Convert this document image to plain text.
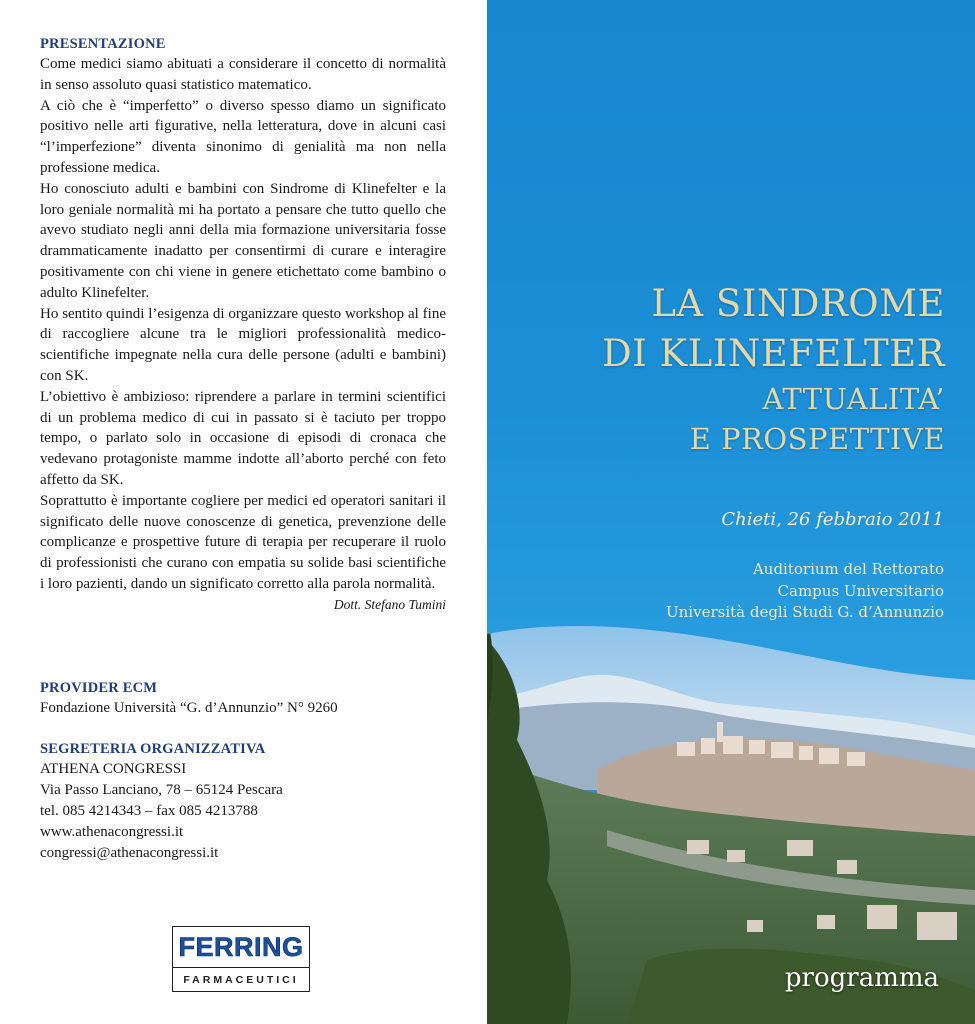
PRESENTAZIONE

Come medici siamo abituati a considerare il concetto di normalità in senso assoluto quasi statistico matematico.

A ciò che è “imperfetto” o diverso spesso diamo un significato positivo nelle arti figurative, nella letteratura, dove in alcuni casi “l’imperfezione” diventa sinonimo di genialità ma non nella professione medica.

Ho conosciuto adulti e bambini con Sindrome di Klinefelter e la loro geniale normalità mi ha portato a pensare che tutto quello che avevo studiato negli anni della mia formazione universitaria fosse drammaticamente inadatto per consentirmi di curare e interagire positivamente con chi viene in genere etichettato come bambino o adulto Klinefelter.

Ho sentito quindi l’esigenza di organizzare questo workshop al fine di raccogliere alcune tra le migliori professionalità medico-scientifiche impegnate nella cura delle persone (adulti e bambini) con SK.

L’obiettivo è ambizioso: riprendere a parlare in termini scientifici di un problema medico di cui in passato si è taciuto per troppo tempo, o parlato solo in occasione di episodi di cronaca che vedevano protagoniste mamme indotte all’aborto perché con feto affetto da SK.

Soprattutto è importante cogliere per medici ed operatori sanitari il significato delle nuove conoscenze di genetica, prevenzione delle complicanze e prospettive future di terapia per recuperare il ruolo di professionisti che curano con empatia su solide basi scientifiche i loro pazienti, dando un significato corretto alla parola normalità.

Dott. Stefano Tumini
PROVIDER ECM

Fondazione Università “G. d’Annunzio” N° 9260

SEGRETERIA ORGANIZZATIVA

ATHENA CONGRESSI

Via Passo Lanciano, 78 – 65124 Pescara

tel. 085 4214343 – fax 085 4213788

www.athenacongressi.it

congressi@athenacongressi.it

FERRING
FARMACEUTICI
LA SINDROME
DI KLINEFELTER
ATTUALITA’
E PROSPETTIVE
Chieti, 26 febbraio 2011
Auditorium del Rettorato
Campus Universitario
Università degli Studi G. d’Annunzio
programma
